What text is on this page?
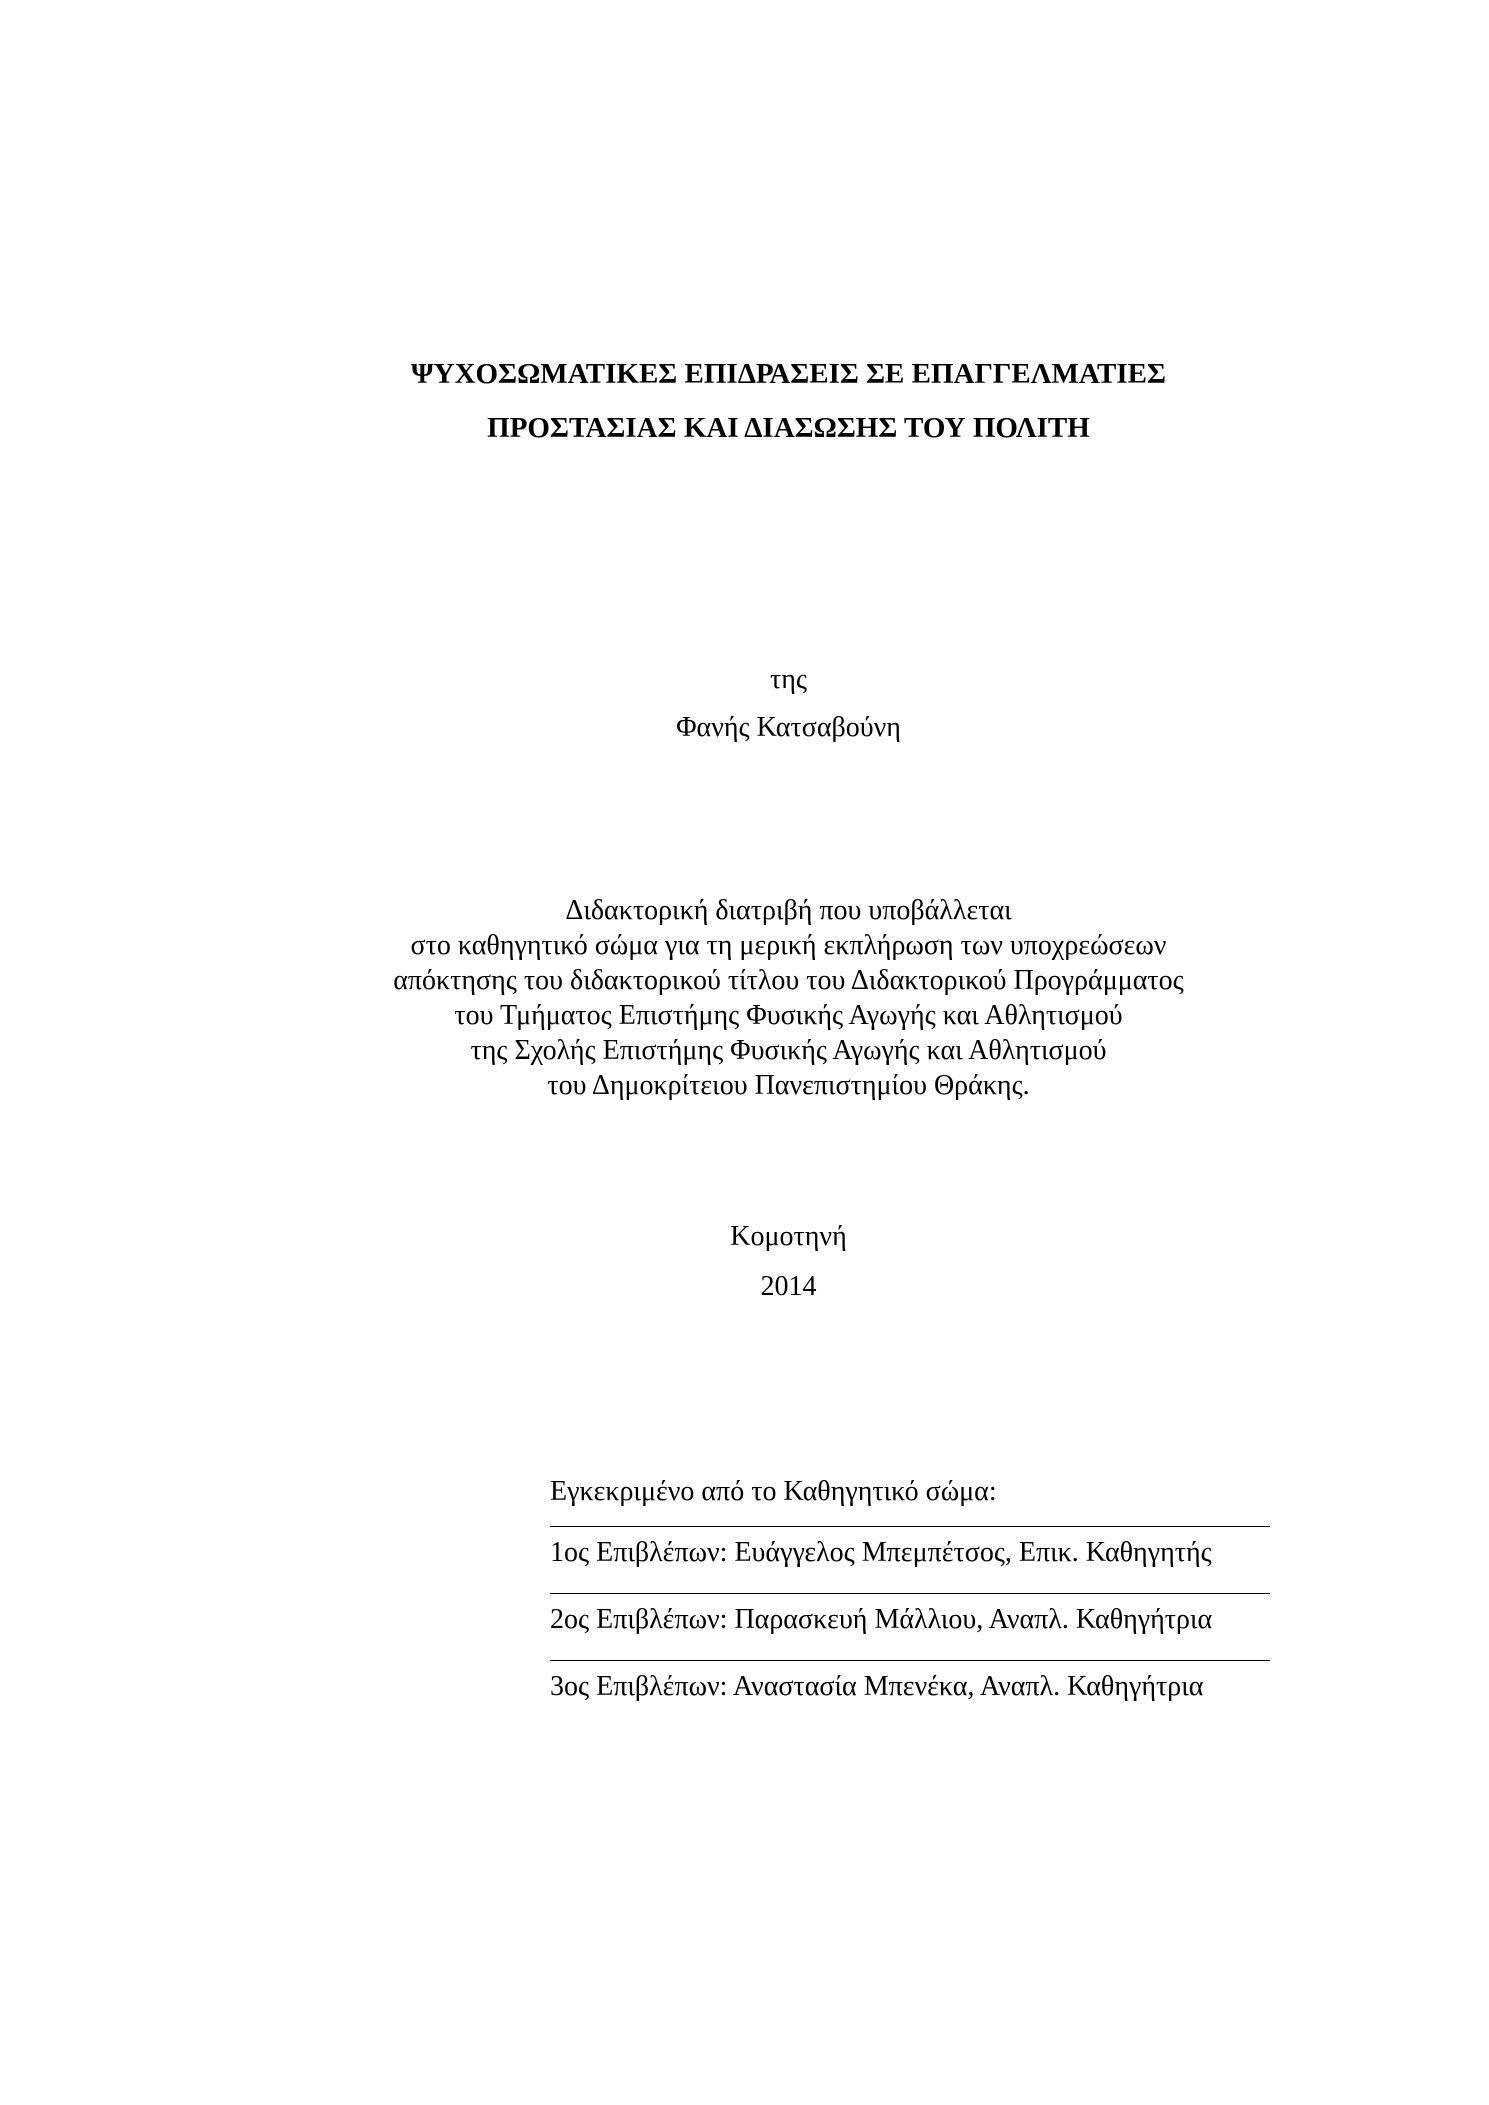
ΨΥΧΟΣΩΜΑΤΙΚΕΣ ΕΠΙΔΡΑΣΕΙΣ ΣΕ ΕΠΑΓΓΕΛΜΑΤΙΕΣ
ΠΡΟΣΤΑΣΙΑΣ ΚΑΙ ΔΙΑΣΩΣΗΣ ΤΟΥ ΠΟΛΙΤΗ
της
Φανής Κατσαβούνη
Διδακτορική διατριβή που υποβάλλεται
στο καθηγητικό σώμα για τη μερική εκπλήρωση των υποχρεώσεων
απόκτησης του διδακτορικού τίτλου του Διδακτορικού Προγράμματος
του Τμήματος Επιστήμης Φυσικής Αγωγής και Αθλητισμού
της Σχολής Επιστήμης Φυσικής Αγωγής και Αθλητισμού
του Δημοκρίτειου Πανεπιστημίου Θράκης.
Κομοτηνή
2014
Εγκεκριμένο από το Καθηγητικό σώμα:
1ος Επιβλέπων: Ευάγγελος Μπεμπέτσος, Επικ. Καθηγητής
2ος Επιβλέπων: Παρασκευή Μάλλιου, Αναπλ. Καθηγήτρια
3ος Επιβλέπων: Αναστασία Μπενέκα, Αναπλ. Καθηγήτρια
